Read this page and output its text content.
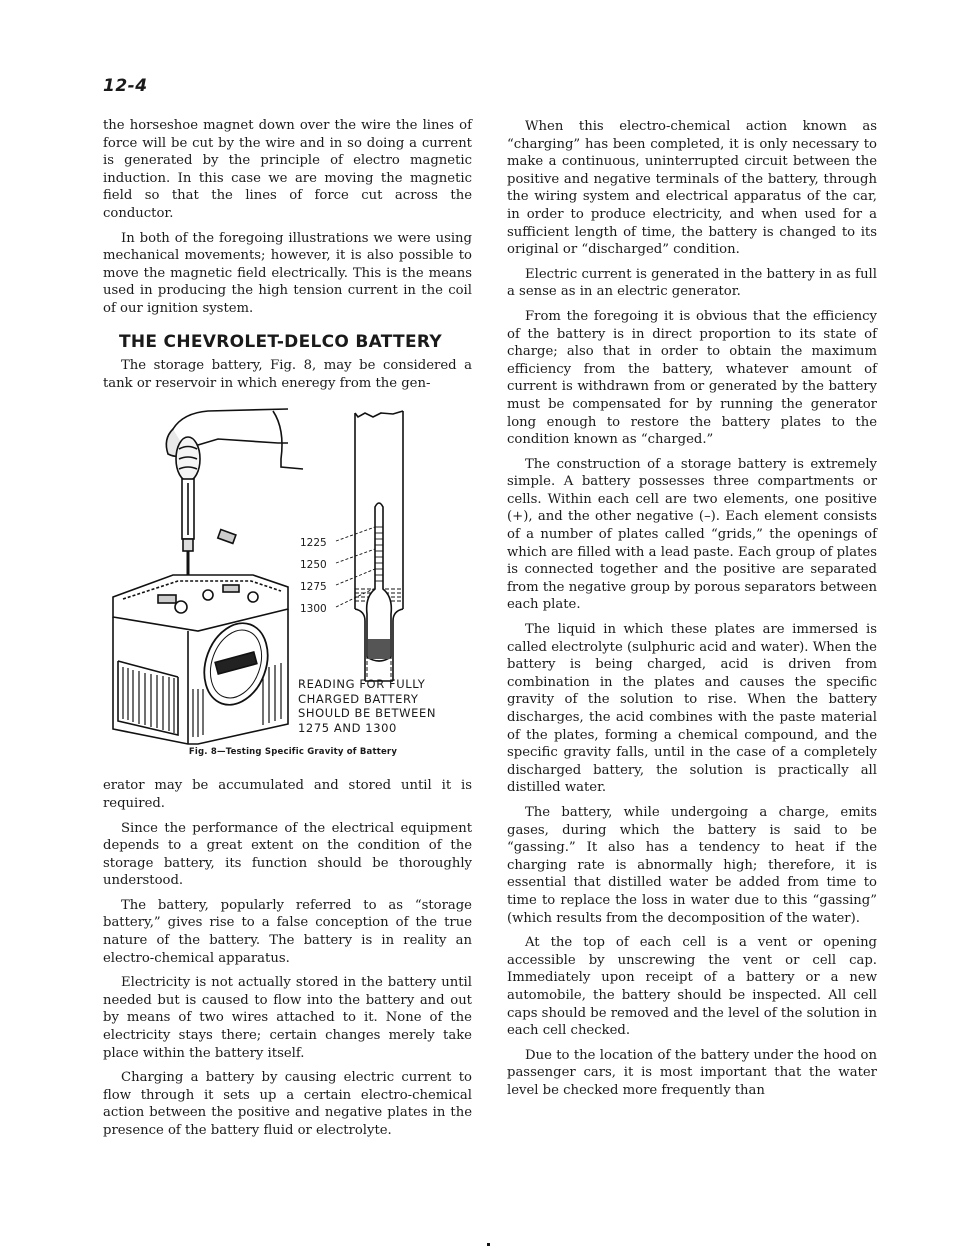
12-4

the horseshoe magnet down over the wire the lines of force will be cut by the wire and in so doing a current is generated by the principle of electro magnetic induction. In this case we are moving the magnetic field so that the lines of force cut across the conductor.

In both of the foregoing illustrations we were using mechanical movements; however, it is also possible to move the magnetic field electrically. This is the means used in producing the high tension current in the coil of our ignition system.

THE CHEVROLET-DELCO BATTERY

The storage battery, Fig. 8, may be considered a tank or reservoir in which eneregy from the gen-

1225
1250
1275
1300
READING FOR FULLY
CHARGED BATTERY
SHOULD BE BETWEEN
1275 AND 1300
Fig. 8—Testing Specific Gravity of Battery

erator may be accumulated and stored until it is required.

Since the performance of the electrical equipment depends to a great extent on the condition of the storage battery, its function should be thoroughly understood.

The battery, popularly referred to as “storage battery,” gives rise to a false conception of the true nature of the battery. The battery is in reality an electro-chemical apparatus.

Electricity is not actually stored in the battery until needed but is caused to flow into the battery and out by means of two wires attached to it. None of the electricity stays there; certain changes merely take place within the battery itself.

Charging a battery by causing electric current to flow through it sets up a certain electro-chemical action between the positive and negative plates in the presence of the battery fluid or electrolyte.

When this electro-chemical action known as “charging” has been completed, it is only necessary to make a continuous, uninterrupted circuit between the positive and negative terminals of the battery, through the wiring system and electrical apparatus of the car, in order to produce electricity, and when used for a sufficient length of time, the battery is changed to its original or “discharged” condition.

Electric current is generated in the battery in as full a sense as in an electric generator.

From the foregoing it is obvious that the efficiency of the battery is in direct proportion to its state of charge; also that in order to obtain the maximum efficiency from the battery, whatever amount of current is withdrawn from or generated by the battery must be compensated for by running the generator long enough to restore the battery plates to the condition known as “charged.”

The construction of a storage battery is extremely simple. A battery possesses three compartments or cells. Within each cell are two elements, one positive (+), and the other negative (–). Each element consists of a number of plates called “grids,” the openings of which are filled with a lead paste. Each group of plates is connected together and the positive are separated from the negative group by porous separators between each plate.

The liquid in which these plates are immersed is called electrolyte (sulphuric acid and water). When the battery is being charged, acid is driven from combination in the plates and causes the specific gravity of the solution to rise. When the battery discharges, the acid combines with the paste material of the plates, forming a chemical compound, and the specific gravity falls, until in the case of a completely discharged battery, the solution is practically all distilled water.

The battery, while undergoing a charge, emits gases, during which the battery is said to be “gassing.” It also has a tendency to heat if the charging rate is abnormally high; therefore, it is essential that distilled water be added from time to time to replace the loss in water due to this “gassing” (which results from the decomposition of the water).

At the top of each cell is a vent or opening accessible by unscrewing the vent or cell cap. Immediately upon receipt of a battery or a new automobile, the battery should be inspected. All cell caps should be removed and the level of the solution in each cell checked.

Due to the location of the battery under the hood on passenger cars, it is most important that the water level be checked more frequently than
